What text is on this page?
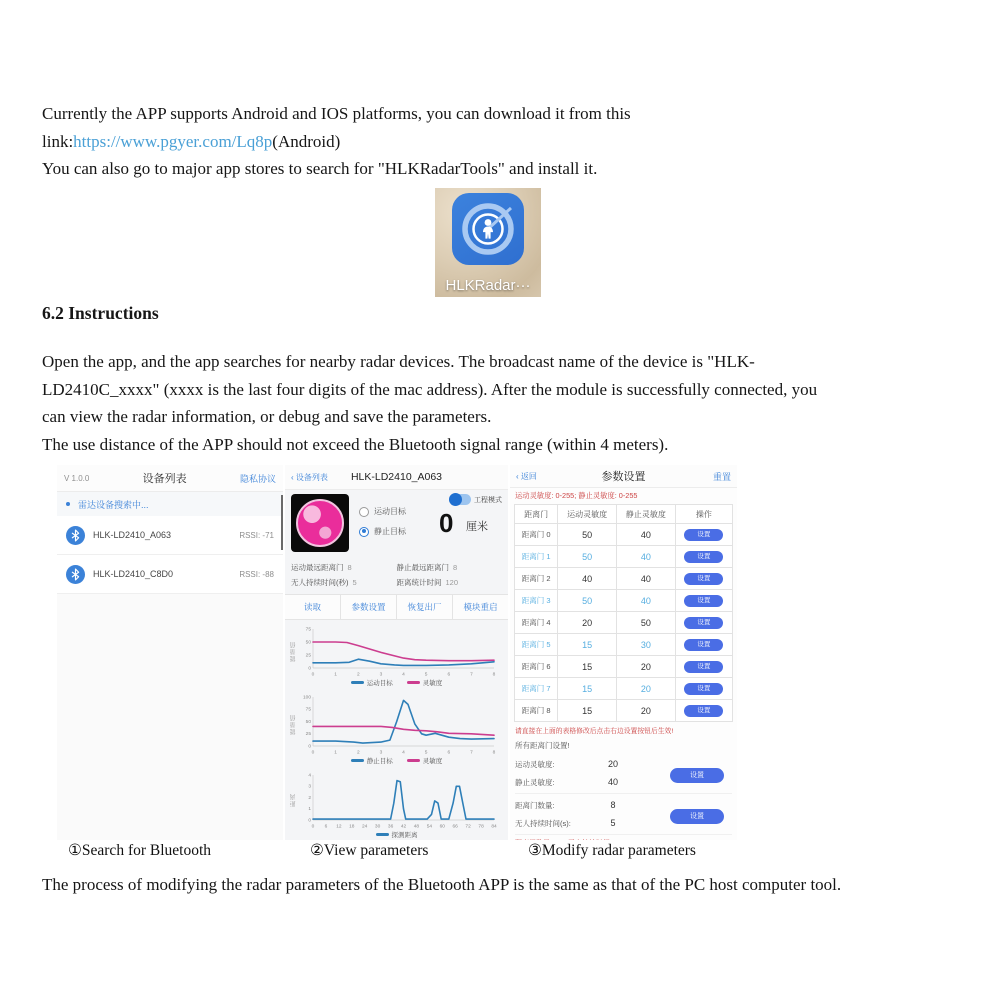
Currently the APP supports Android and IOS platforms, you can download it from this
link:https://www.pgyer.com/Lq8p(Android)
You can also go to major app stores to search for "HLKRadarTools" and install it.
HLKRadar···
6.2 Instructions
Open the app, and the app searches for nearby radar devices. The broadcast name of the device is "HLK-
LD2410C_xxxx" (xxxx is the last four digits of the mac address). After the module is successfully connected, you
can view the radar information, or debug and save the parameters.
The use distance of the APP should not exceed the Bluetooth signal range (within 4 meters).
V 1.0.0	设备列表	隐私协议
雷达设备搜索中...
HLK-LD2410_A063	RSSI: -71
HLK-LD2410_C8D0	RSSI: -88
‹ 设备列表	HLK-LD2410_A063
运动目标
静止目标 0 厘米
工程模式
运动最远距离门 8	静止最远距离门 8
无人持续时间(秒) 5	距离统计时间 120
读取	参数设置	恢复出厂	模块重启
能量值
0
25
50
75
0	1	2	3	4	5	6	7	8
运动目标	灵敏度
能量值
0
25
50
75
100
0	1	2	3	4	5	6	7	8
静止目标	灵敏度
距离
0
1
2
3
4
0 6 12 18 24 30 36 42 48 54 60 66 72 78 84
探测距离
‹ 返回	参数设置	重置
运动灵敏度: 0-255; 静止灵敏度: 0-255
距离门	运动灵敏度	静止灵敏度	操作
距离门 0	50	40	设置
距离门 1	50	40	设置
距离门 2	40	40	设置
距离门 3	50	40	设置
距离门 4	20	50	设置
距离门 5	15	30	设置
距离门 6	15	20	设置
距离门 7	15	20	设置
距离门 8	15	20	设置
请直接在上面的表格修改后点击右边设置按钮后生效!
所有距离门设置!
运动灵敏度:	20
静止灵敏度:	40
设置
距离门数量:	8
无人持续时间(s):	5
设置
①Search for Bluetooth	②View parameters	③Modify radar parameters
The process of modifying the radar parameters of the Bluetooth APP is the same as that of the PC host computer tool.
